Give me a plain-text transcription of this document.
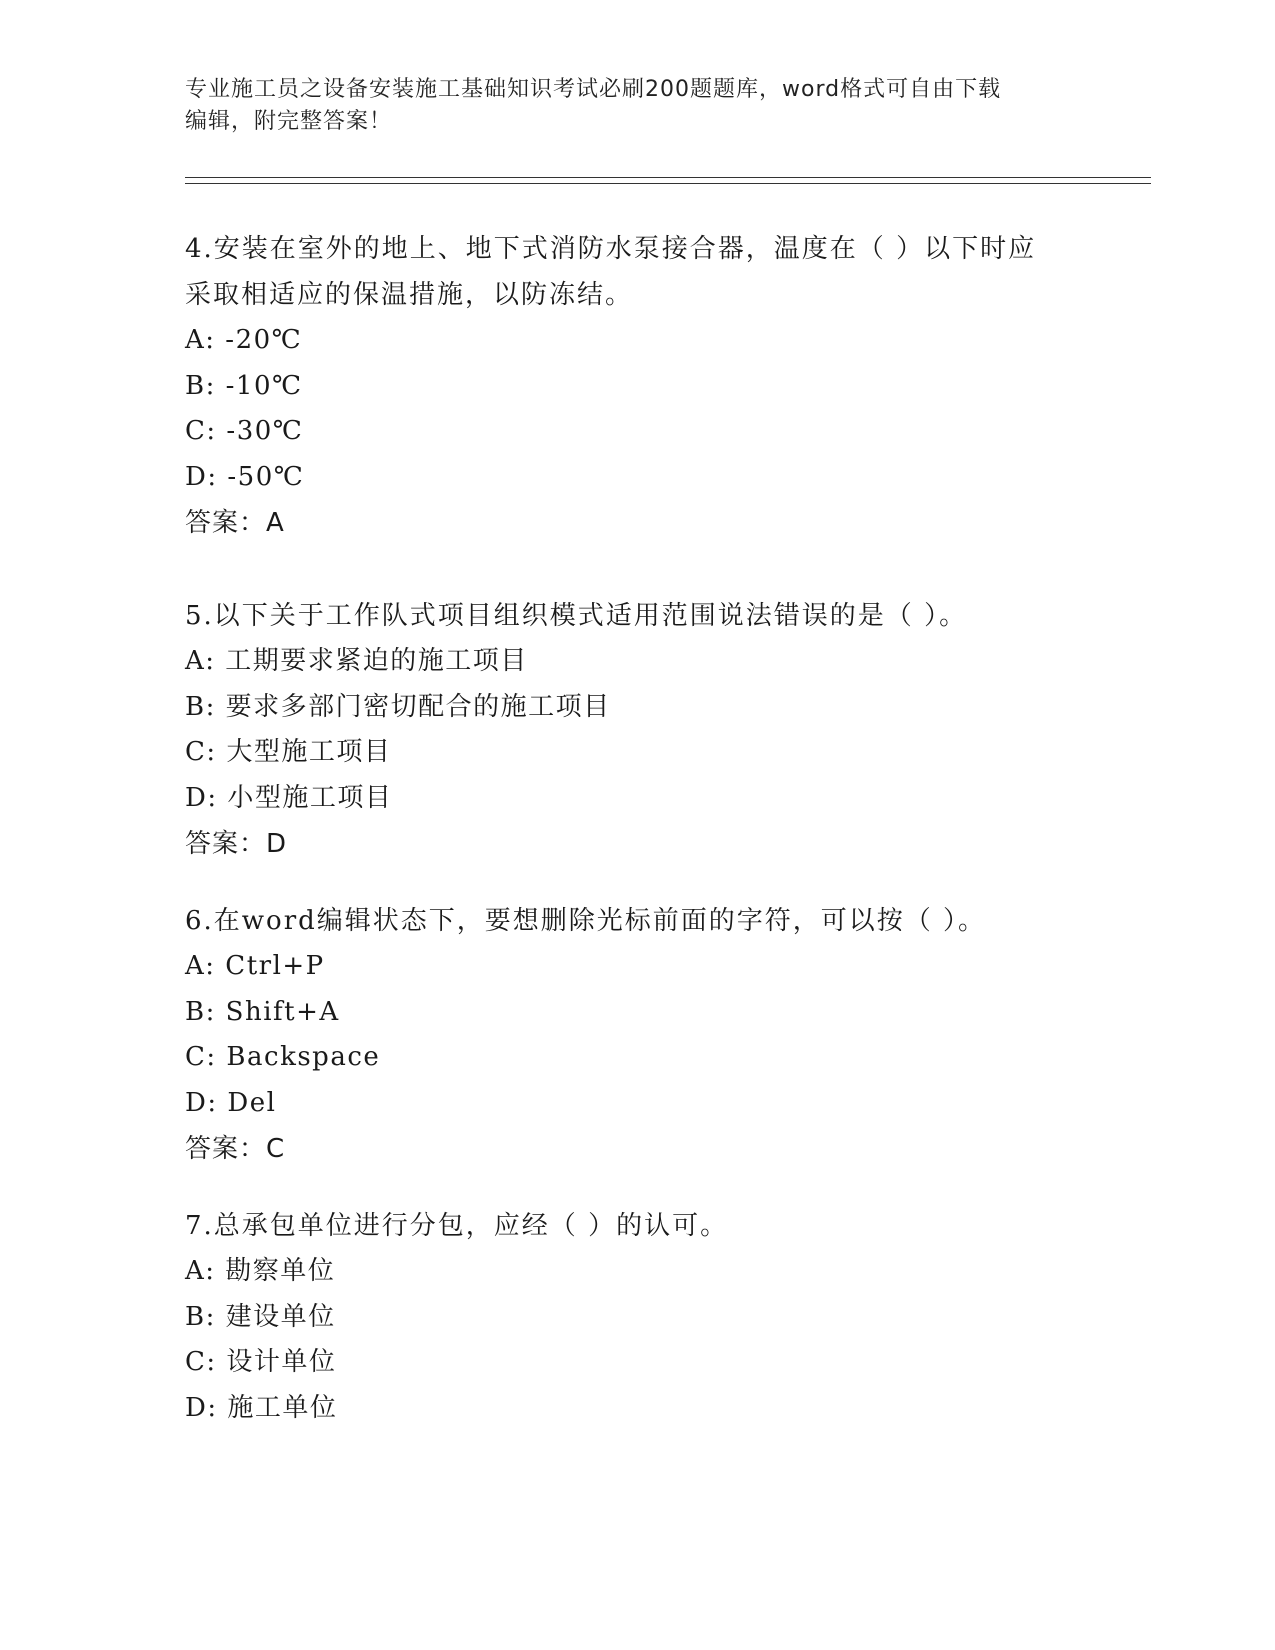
专业施工员之设备安装施工基础知识考试必刷200题题库，word格式可自由下载
编辑，附完整答案！
4.安装在室外的地上、地下式消防水泵接合器，温度在（ ）以下时应
采取相适应的保温措施，以防冻结。
A: -20℃
B: -10℃
C: -30℃
D: -50℃
答案：A
5.以下关于工作队式项目组织模式适用范围说法错误的是（ ）。
A: 工期要求紧迫的施工项目
B: 要求多部门密切配合的施工项目
C: 大型施工项目
D: 小型施工项目
答案：D
6.在word编辑状态下，要想删除光标前面的字符，可以按（ ）。
A: Ctrl+P
B: Shift+A
C: Backspace
D: Del
答案：C
7.总承包单位进行分包，应经（ ）的认可。
A: 勘察单位
B: 建设单位
C: 设计单位
D: 施工单位
